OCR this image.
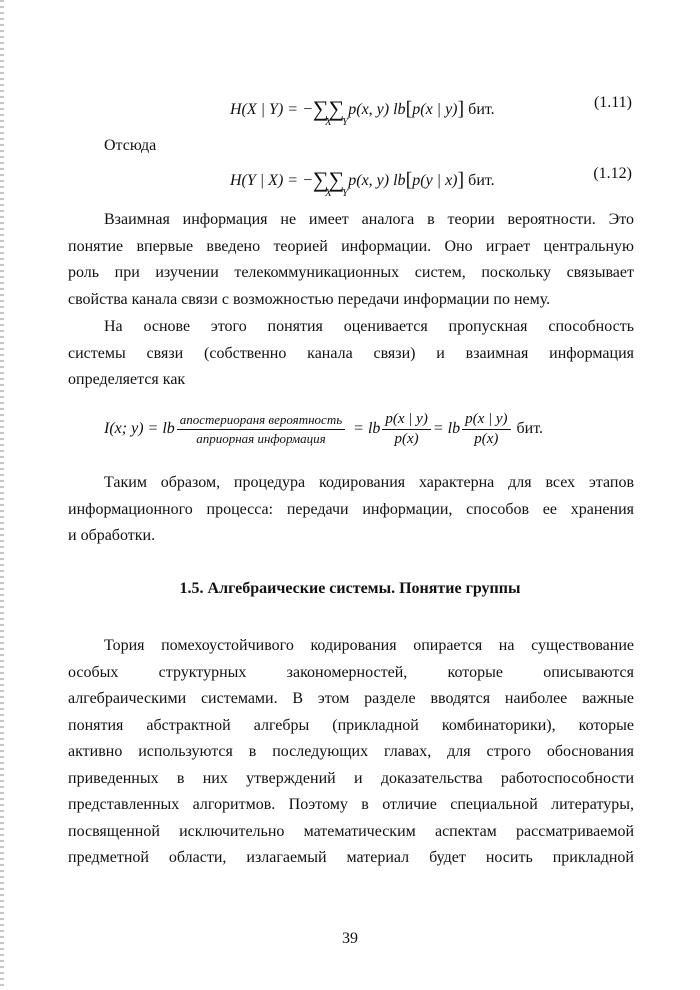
H(X | Y) = −∑∑ p(x, y) lb[p(x | y)] бит.
X Y
(1.11)
Отсюда
H(Y | X) = −∑∑ p(x, y) lb[p(y | x)] бит.
X Y
(1.12)
Взаимная информация не имеет аналога в теории вероятности. Это
понятие впервые введено теорией информации. Оно играет центральную
роль при изучении телекоммуникационных систем, поскольку связывает
свойства канала связи с возможностью передачи информации по нему.
На основе этого понятия оценивается пропускная способность
системы связи (собственно канала связи) и взаимная информация
определяется как
I(x; y) = lb $\frac{\text{апостериораня вероятность}}{\text{априорная информация}}$ = lb $\frac{p(x | y)}{p(x)}$ = lb $\frac{p(x | y)}{p(x)}$ бит.
Таким образом, процедура кодирования характерна для всех этапов
информационного процесса: передачи информации, способов ее хранения
и обработки.
1.5. Алгебраические системы. Понятие группы
Тория помехоустойчивого кодирования опирается на существование
особых структурных закономерностей, которые описываются
алгебраическими системами. В этом разделе вводятся наиболее важные
понятия абстрактной алгебры (прикладной комбинаторики), которые
активно используются в последующих главах, для строго обоснования
приведенных в них утверждений и доказательства работоспособности
представленных алгоритмов. Поэтому в отличие специальной литературы,
посвященной исключительно математическим аспектам рассматриваемой
предметной области, излагаемый материал будет носить прикладной
39
